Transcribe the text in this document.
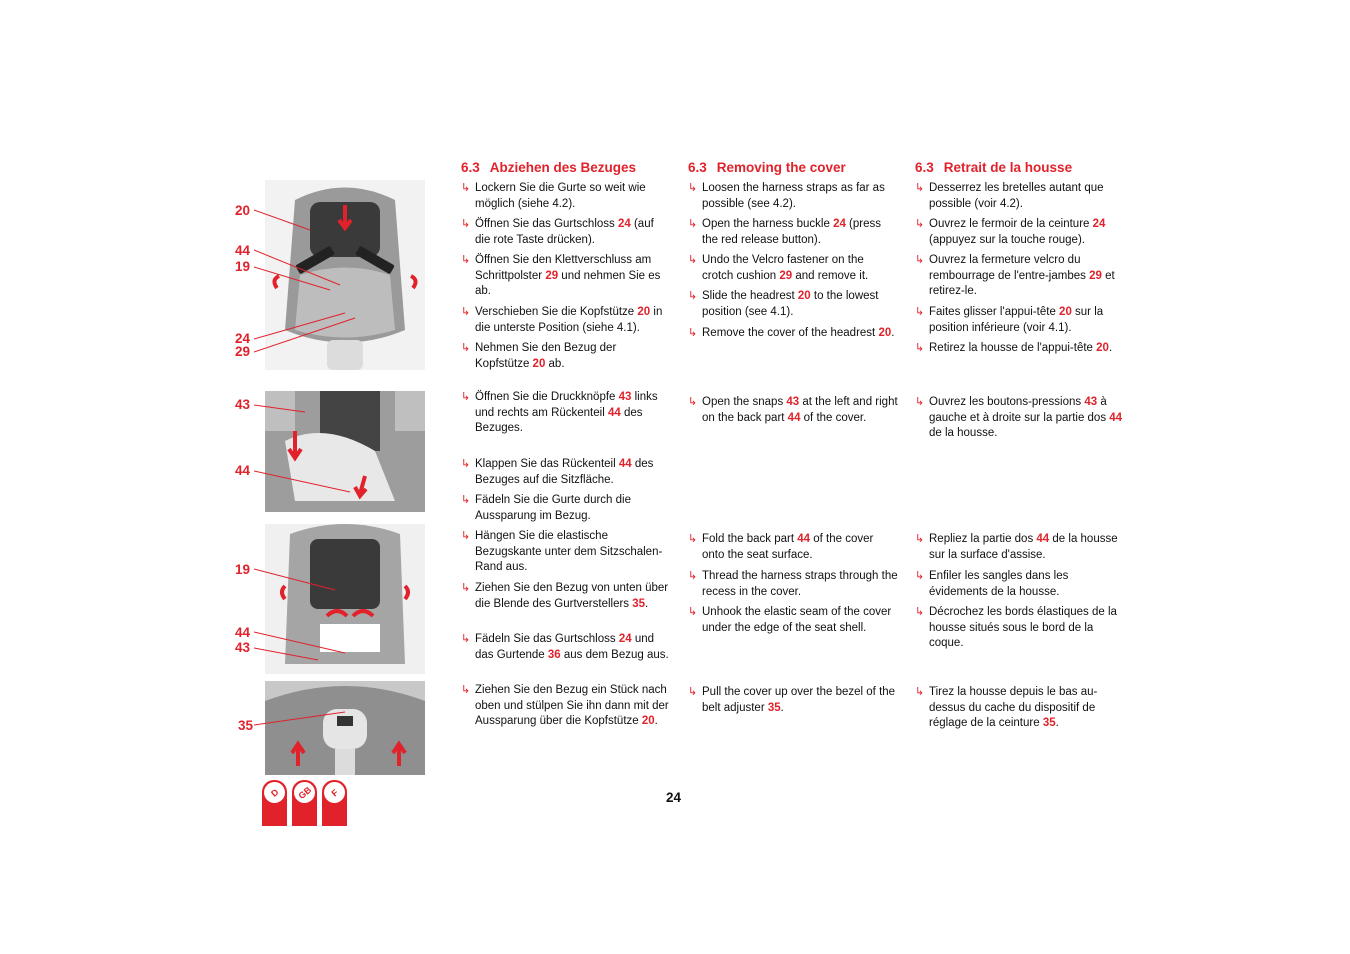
20
44
19
24
29
43
44
19
44
43
35
6.3 Abziehen des Bezuges
↳ Lockern Sie die Gurte so weit wie möglich (siehe 4.2).
↳ Öffnen Sie das Gurtschloss 24 (auf die rote Taste drücken).
↳ Öffnen Sie den Klettverschluss am Schrittpolster 29 und nehmen Sie es ab.
↳ Verschieben Sie die Kopfstütze 20 in die unterste Position (siehe 4.1).
↳ Nehmen Sie den Bezug der Kopfstütze 20 ab.
↳ Öffnen Sie die Druckknöpfe 43 links und rechts am Rückenteil 44 des Bezuges.
↳ Klappen Sie das Rückenteil 44 des Bezuges auf die Sitzfläche.
↳ Fädeln Sie die Gurte durch die Aussparung im Bezug.
↳ Hängen Sie die elastische Bezugskante unter dem Sitzschalen-Rand aus.
↳ Ziehen Sie den Bezug von unten über die Blende des Gurtverstellers 35.
↳ Fädeln Sie das Gurtschloss 24 und das Gurtende 36 aus dem Bezug aus.
↳ Ziehen Sie den Bezug ein Stück nach oben und stülpen Sie ihn dann mit der Aussparung über die Kopfstütze 20.
6.3 Removing the cover
↳ Loosen the harness straps as far as possible (see 4.2).
↳ Open the harness buckle 24 (press the red release button).
↳ Undo the Velcro fastener on the crotch cushion 29 and remove it.
↳ Slide the headrest 20 to the lowest position (see 4.1).
↳ Remove the cover of the headrest 20.
↳ Open the snaps 43 at the left and right on the back part 44 of the cover.
↳ Fold the back part 44 of the cover onto the seat surface.
↳ Thread the harness straps through the recess in the cover.
↳ Unhook the elastic seam of the cover under the edge of the seat shell.
↳ Pull the cover up over the bezel of the belt adjuster 35.
6.3 Retrait de la housse
↳ Desserrez les bretelles autant que possible (voir 4.2).
↳ Ouvrez le fermoir de la ceinture 24 (appuyez sur la touche rouge).
↳ Ouvrez la fermeture velcro du rembourrage de l'entre-jambes 29 et retirez-le.
↳ Faites glisser l'appui-tête 20 sur la position inférieure (voir 4.1).
↳ Retirez la housse de l'appui-tête 20.
↳ Ouvrez les boutons-pressions 43 à gauche et à droite sur la partie dos 44 de la housse.
↳ Repliez la partie dos 44 de la housse sur la surface d'assise.
↳ Enfiler les sangles dans les évidements de la housse.
↳ Décrochez les bords élastiques de la housse situés sous le bord de la coque.
↳ Tirez la housse depuis le bas au-dessus du cache du dispositif de réglage de la ceinture 35.
24
D	GB	F
